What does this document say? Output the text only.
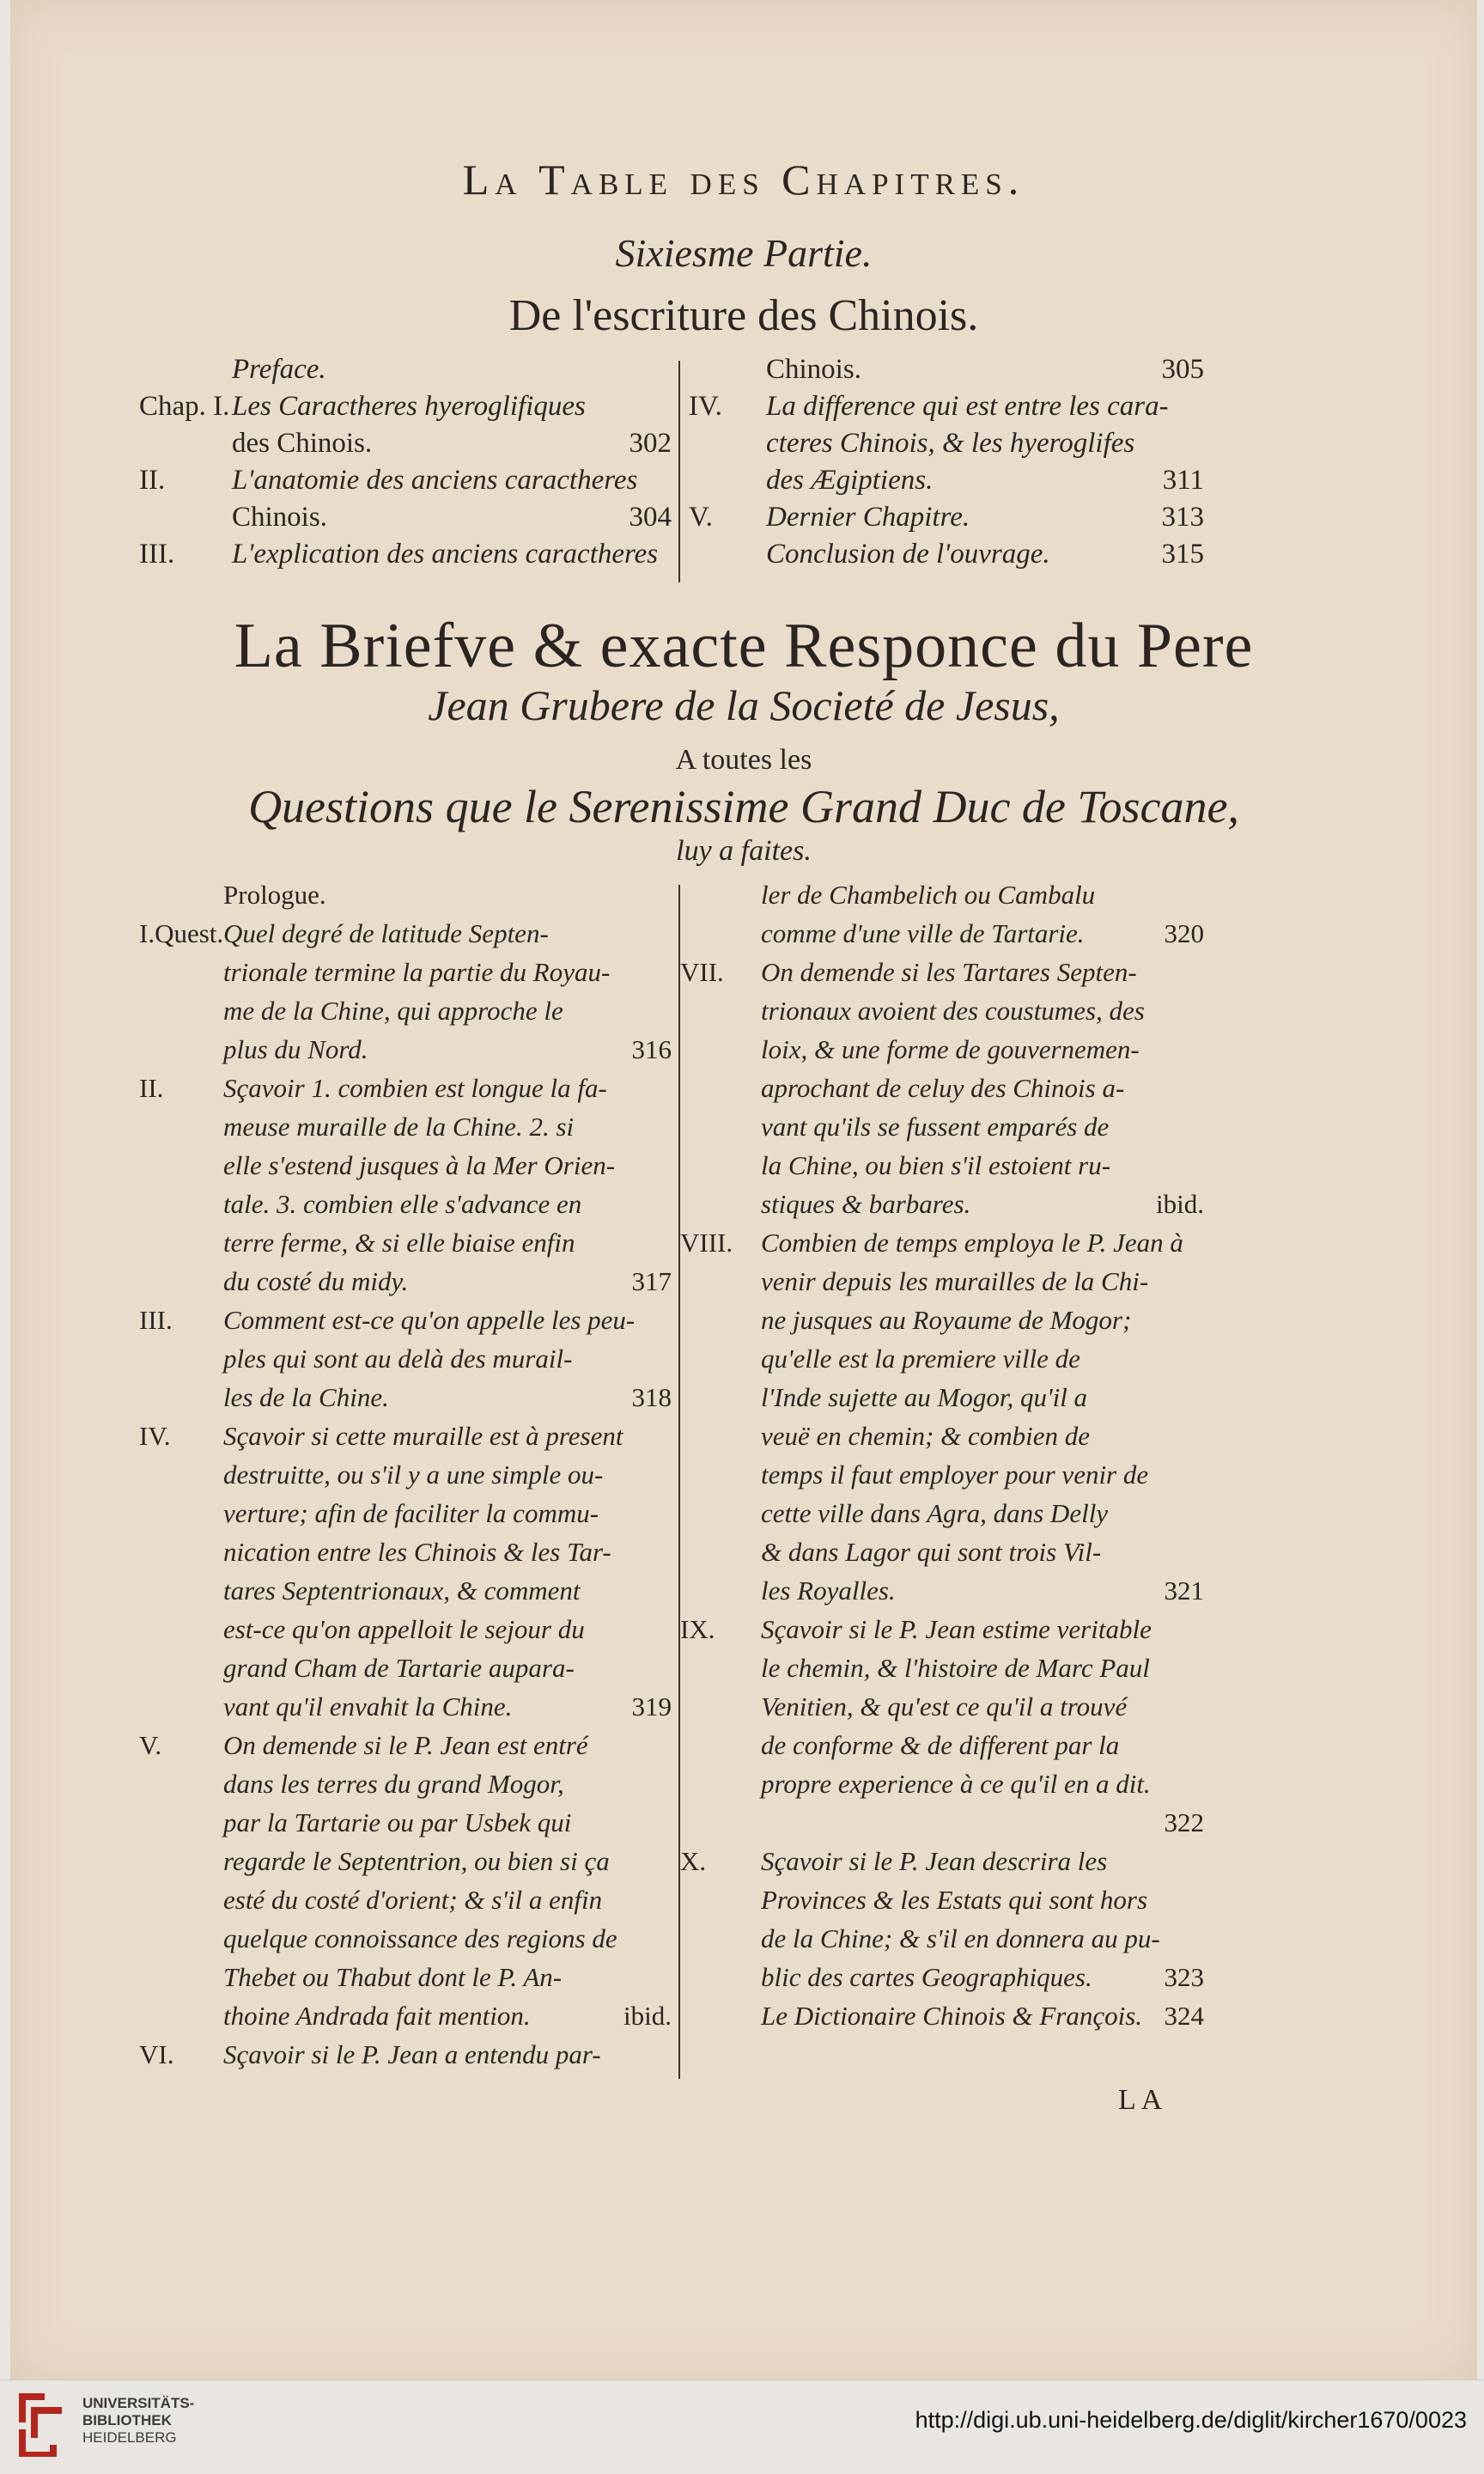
La Table des Chapitres.
Sixiesme Partie.
De l'escriture des Chinois.
Preface.
Chap. I. Les Caractheres hyeroglifiques
des Chinois.	302
II. L'anatomie des anciens caractheres
Chinois.	304
III. L'explication des anciens caractheres
Chinois.	305
IV. La difference qui est entre les cara-
cteres Chinois, & les hyeroglifes
des Ægiptiens.	311
V. Dernier Chapitre.	313
Conclusion de l'ouvrage.	315
La Briefve & exacte Responce du Pere
Jean Grubere de la Societé de Jesus,
A toutes les
Questions que le Serenissime Grand Duc de Toscane,
luy a faites.
Prologue.
I.Quest. Quel degré de latitude Septen-
trionale termine la partie du Royau-
me de la Chine, qui approche le
plus du Nord.	316
II. Sçavoir 1. combien est longue la fa-
meuse muraille de la Chine. 2. si
elle s'estend jusques à la Mer Orien-
tale. 3. combien elle s'advance en
terre ferme, & si elle biaise enfin
du costé du midy.	317
III. Comment est-ce qu'on appelle les peu-
ples qui sont au delà des murail-
les de la Chine.	318
IV. Sçavoir si cette muraille est à present
destruitte, ou s'il y a une simple ou-
verture; afin de faciliter la commu-
nication entre les Chinois & les Tar-
tares Septentrionaux, & comment
est-ce qu'on appelloit le sejour du
grand Cham de Tartarie aupara-
vant qu'il envahit la Chine.	319
V. On demende si le P. Jean est entré
dans les terres du grand Mogor,
par la Tartarie ou par Usbek qui
regarde le Septentrion, ou bien si ça
esté du costé d'orient; & s'il a enfin
quelque connoissance des regions de
Thebet ou Thabut dont le P. An-
thoine Andrada fait mention.	ibid.
VI. Sçavoir si le P. Jean a entendu par-
ler de Chambelich ou Cambalu
comme d'une ville de Tartarie.	320
VII. On demende si les Tartares Septen-
trionaux avoient des coustumes, des
loix, & une forme de gouvernemen-
aprochant de celuy des Chinois a-
vant qu'ils se fussent emparés de
la Chine, ou bien s'il estoient ru-
stiques & barbares.	ibid.
VIII. Combien de temps employa le P. Jean à
venir depuis les murailles de la Chi-
ne jusques au Royaume de Mogor;
qu'elle est la premiere ville de
l'Inde sujette au Mogor, qu'il a
veuë en chemin; & combien de
temps il faut employer pour venir de
cette ville dans Agra, dans Delly
& dans Lagor qui sont trois Vil-
les Royalles.	321
IX. Sçavoir si le P. Jean estime veritable
le chemin, & l'histoire de Marc Paul
Venitien, & qu'est ce qu'il a trouvé
de conforme & de different par la
propre experience à ce qu'il en a dit.
322
X. Sçavoir si le P. Jean descrira les
Provinces & les Estats qui sont hors
de la Chine; & s'il en donnera au pu-
blic des cartes Geographiques.	323
Le Dictionaire Chinois & François. 324
LA
UNIVERSITÄTS-
BIBLIOTHEK
HEIDELBERG
http://digi.ub.uni-heidelberg.de/diglit/kircher1670/0023
